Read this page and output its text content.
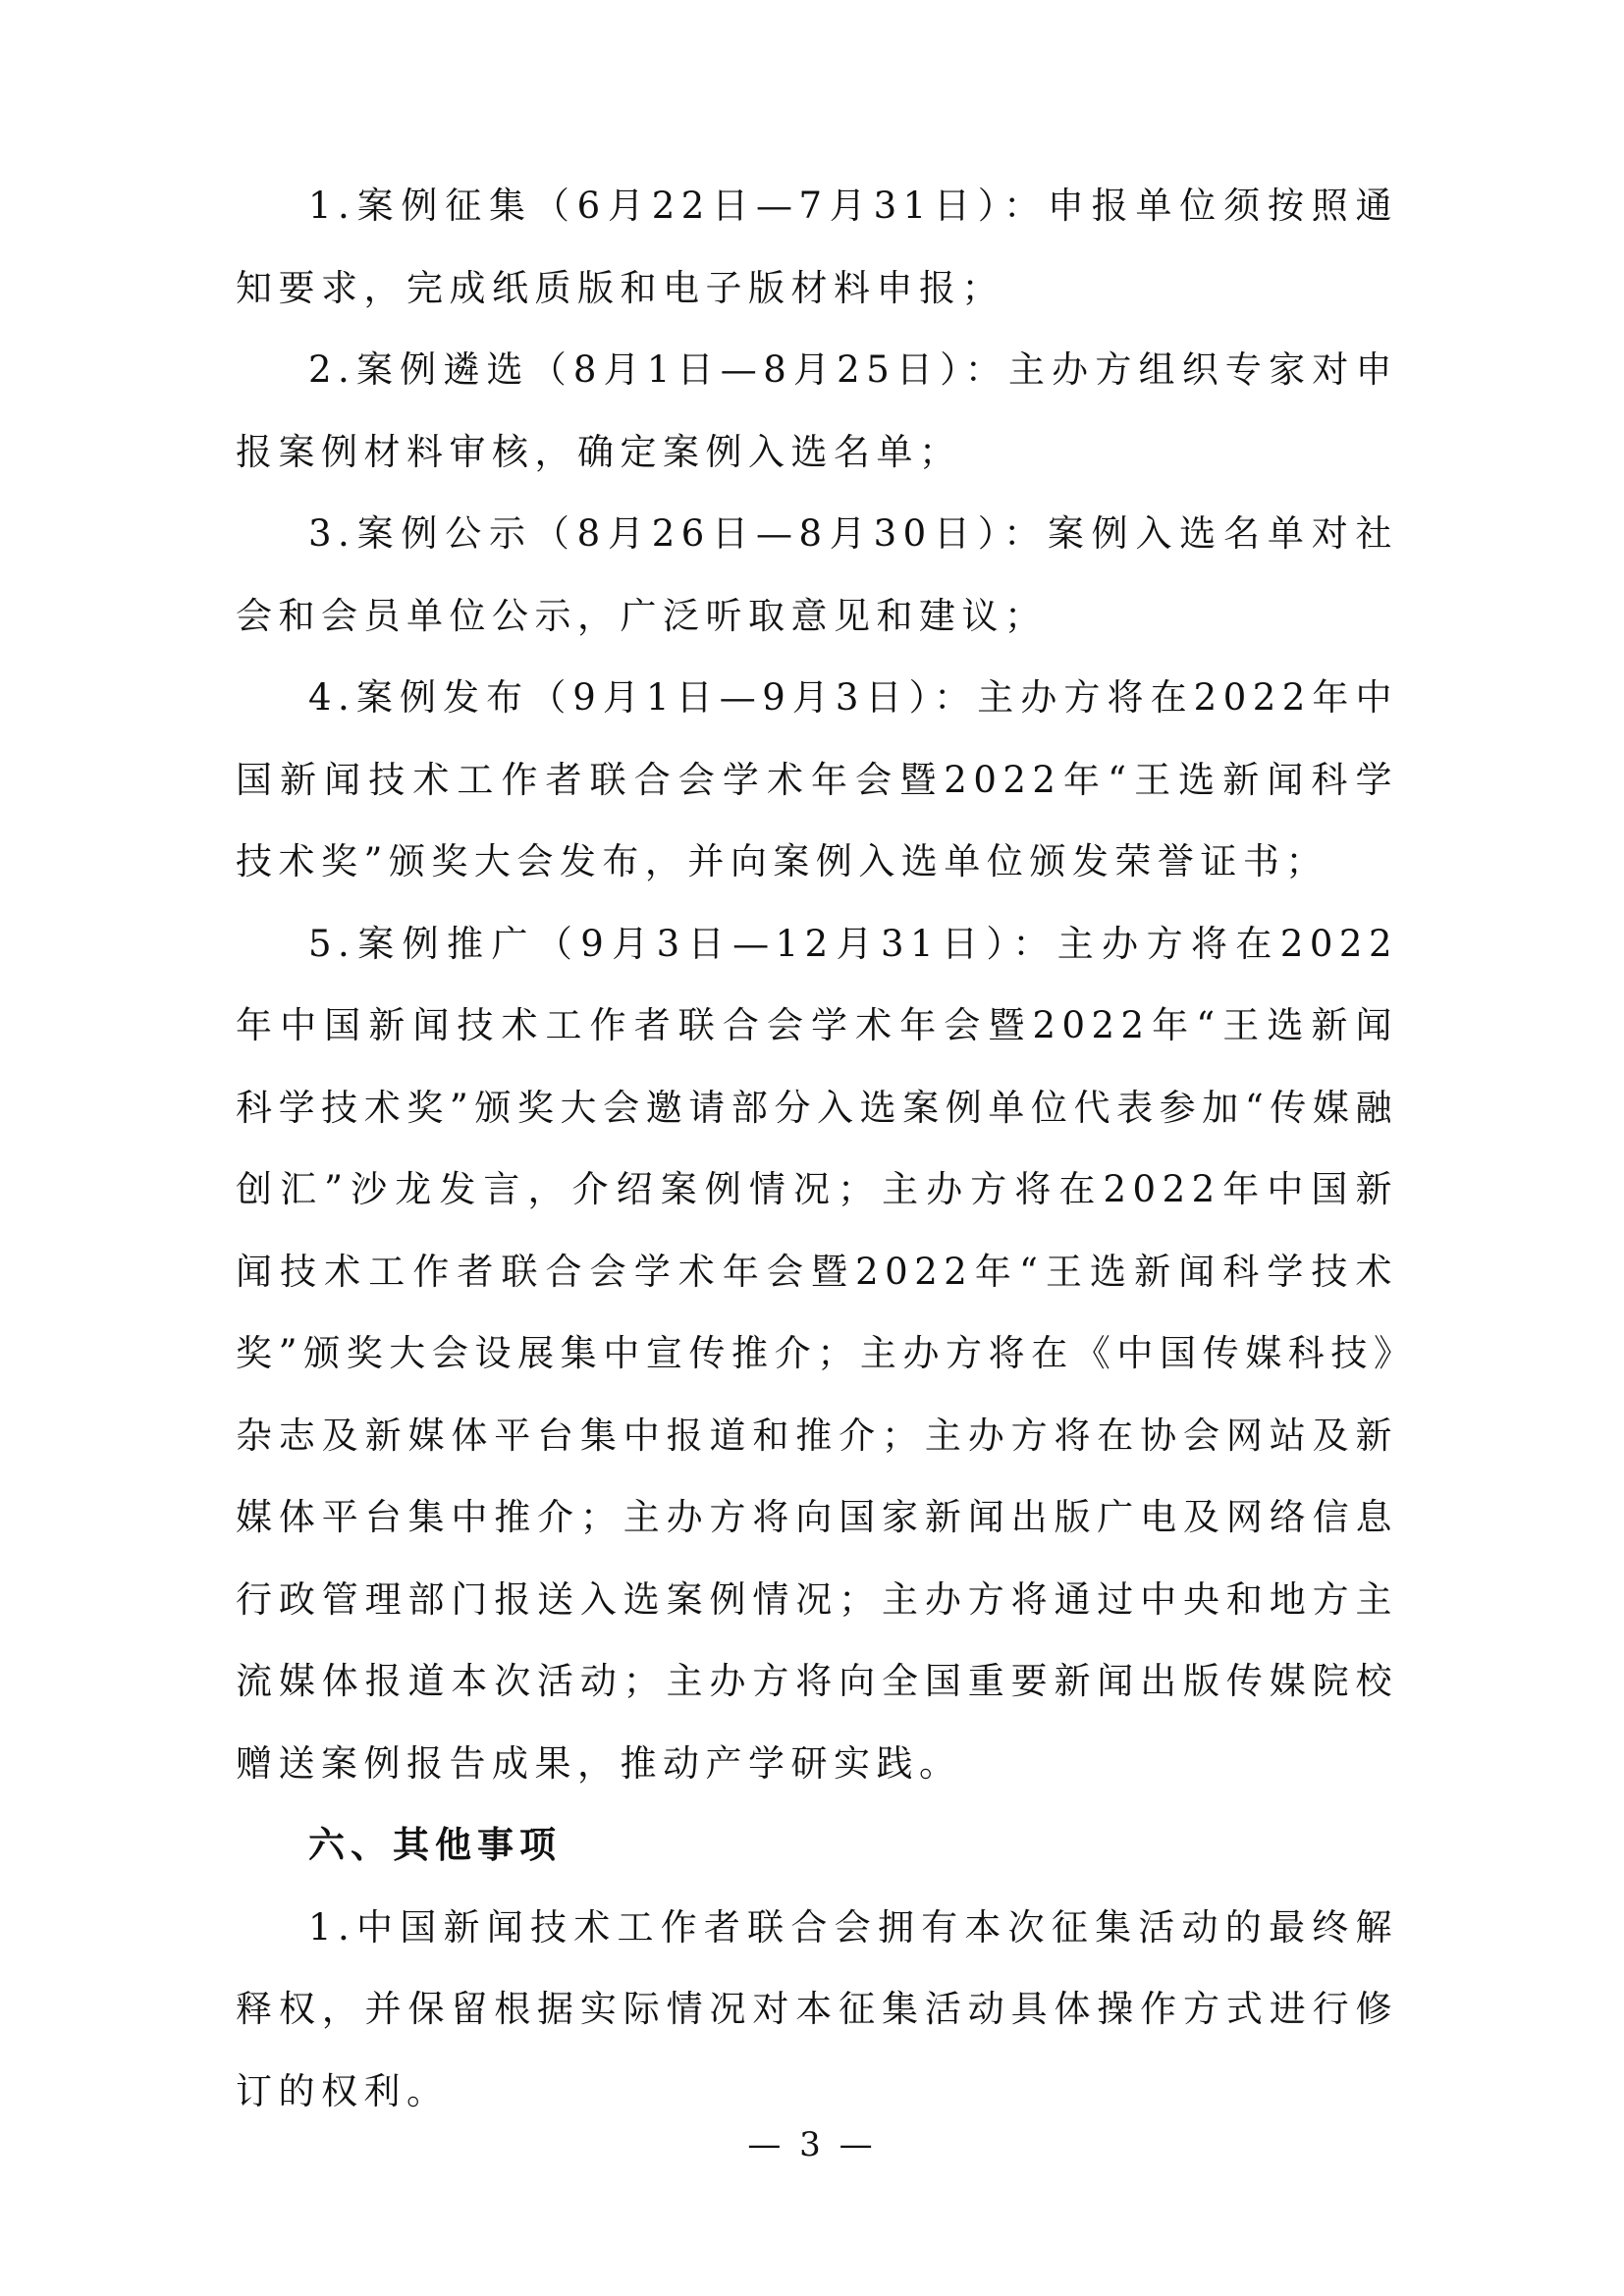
1.案例征集（6月22日—7月31日）：申报单位须按照通知要求，完成纸质版和电子版材料申报；

2.案例遴选（8月1日—8月25日）：主办方组织专家对申报案例材料审核，确定案例入选名单；

3.案例公示（8月26日—8月30日）：案例入选名单对社会和会员单位公示，广泛听取意见和建议；

4.案例发布（9月1日—9月3日）：主办方将在2022年中国新闻技术工作者联合会学术年会暨2022年“王选新闻科学技术奖”颁奖大会发布，并向案例入选单位颁发荣誉证书；

5.案例推广（9月3日—12月31日）：主办方将在2022年中国新闻技术工作者联合会学术年会暨2022年“王选新闻科学技术奖”颁奖大会邀请部分入选案例单位代表参加“传媒融创汇”沙龙发言，介绍案例情况；主办方将在2022年中国新闻技术工作者联合会学术年会暨2022年“王选新闻科学技术奖”颁奖大会设展集中宣传推介；主办方将在《中国传媒科技》杂志及新媒体平台集中报道和推介；主办方将在协会网站及新媒体平台集中推介；主办方将向国家新闻出版广电及网络信息行政管理部门报送入选案例情况；主办方将通过中央和地方主流媒体报道本次活动；主办方将向全国重要新闻出版传媒院校赠送案例报告成果，推动产学研实践。

六、其他事项

1.中国新闻技术工作者联合会拥有本次征集活动的最终解释权，并保留根据实际情况对本征集活动具体操作方式进行修订的权利。

— 3 —
